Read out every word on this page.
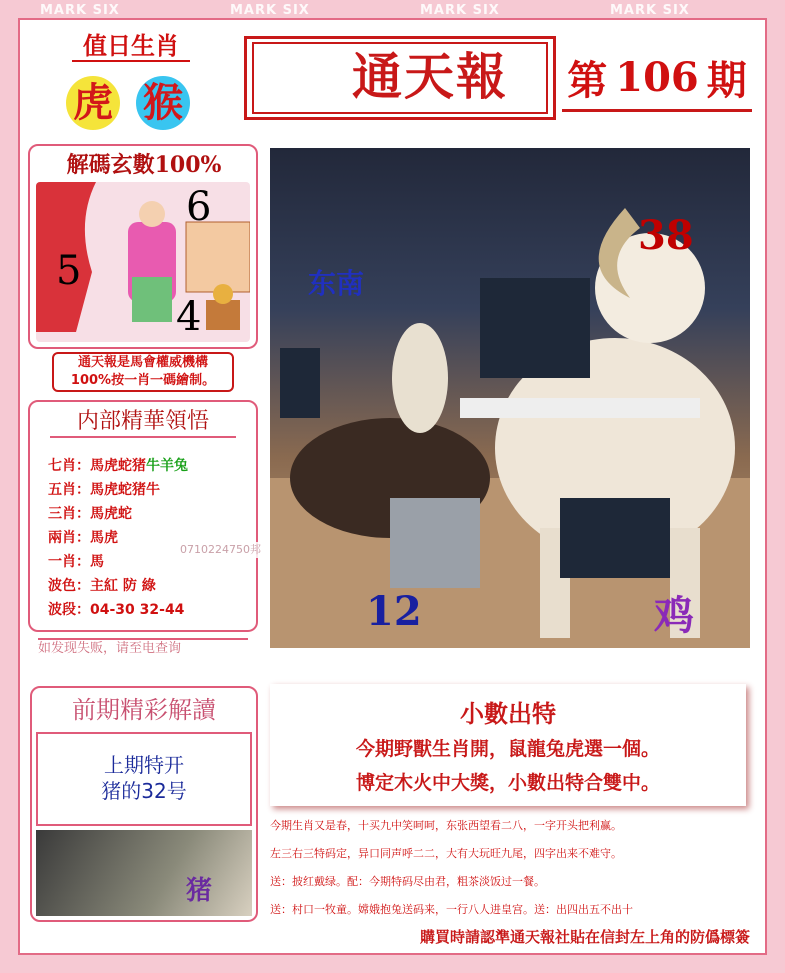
MARK SIX	MARK SIX	MARK SIX	MARK SIX
值日生肖
虎 猴	通天報	第 106 期
解碼玄數100%
6
5
4
通天報是馬會權威機構
100%按一肖一碼繪制。
内部精華領悟
七肖：馬虎蛇猪牛羊兔
五肖：馬虎蛇猪牛
三肖：馬虎蛇
兩肖：馬虎
一肖：馬
波色：主紅 防 綠
波段：04-30 32-44
0710224750邦
如发现失贩，请至电查询
38
12	鸡
东南
前期精彩解讀
上期特开
猪的32号
猪
小數出特
今期野獸生肖開，鼠龍兔虎選一個。
博定木火中大獎，小數出特合雙中。
今期生肖又是春，十买九中笑呵呵，东张西望看二八，一字开头把利赢。
左三右三特码定，异口同声呼二二，大有大玩旺九尾，四字出来不难守。
送：披红戴绿。配：今期特码尽由君，粗茶淡饭过一餐。
送：村口一牧童。嫦娥抱兔送码来，一行八人进皇宫。送：出四出五不出十
購買時請認準通天報社貼在信封左上角的防僞標簽
